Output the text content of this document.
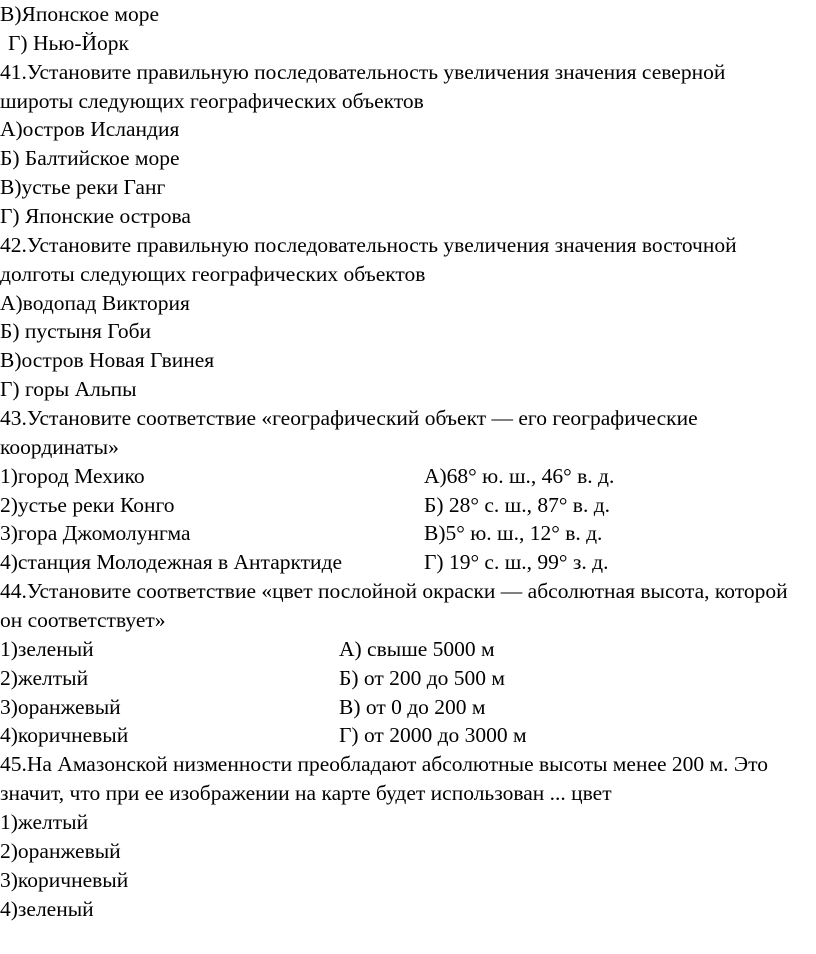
В)Японское море
Г) Нью-Йорк
41.Установите правильную последовательность увеличения значения северной
широты следующих географических объектов
А)остров Исландия
Б) Балтийское море
В)устье реки Ганг
Г) Японские острова
42.Установите правильную последовательность увеличения значения восточной
долготы следующих географических объектов
А)водопад Виктория
Б) пустыня Гоби
В)остров Новая Гвинея
Г) горы Альпы
43.Установите соответствие «географический объект — его географические
координаты»
1)город Мехико	А)68° ю. ш., 46° в. д.
2)устье реки Конго	Б) 28° с. ш., 87° в. д.
3)гора Джомолунгма	В)5° ю. ш., 12° в. д.
4)станция Молодежная в Антарктиде	Г) 19° с. ш., 99° з. д.
44.Установите соответствие «цвет послойной окраски — абсолютная высота, которой
он соответствует»
1)зеленый	А) свыше 5000 м
2)желтый	Б) от 200 до 500 м
3)оранжевый	В) от 0 до 200 м
4)коричневый	Г) от 2000 до 3000 м
45.На Амазонской низменности преобладают абсолютные высоты менее 200 м. Это
значит, что при ее изображении на карте будет использован ... цвет
1)желтый
2)оранжевый
3)коричневый
4)зеленый
